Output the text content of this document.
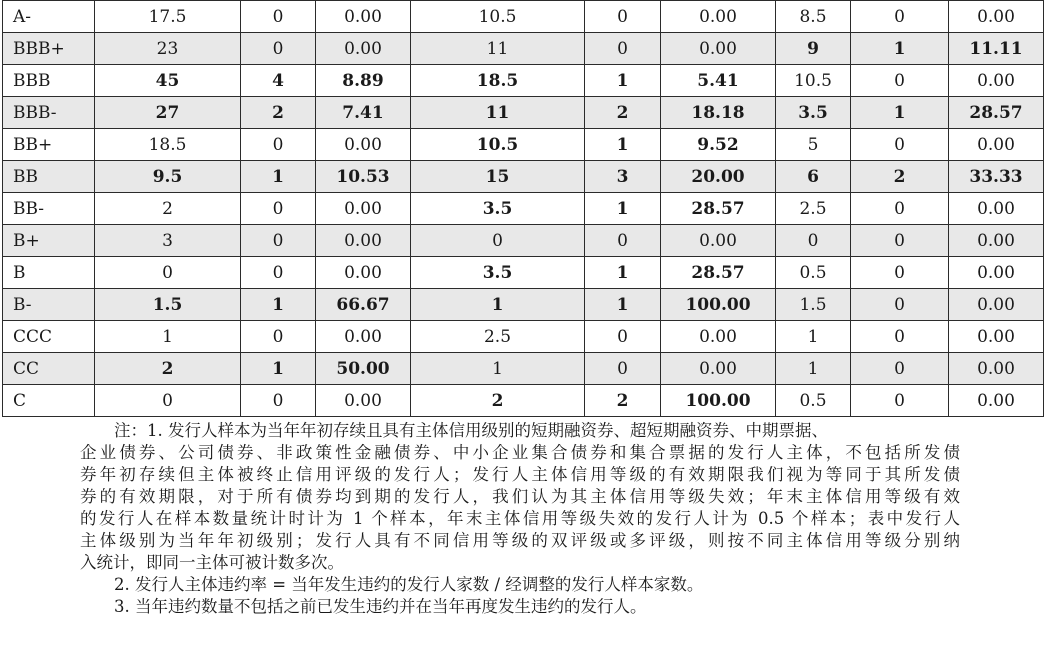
A-	17.5	0	0.00	10.5	0	0.00	8.5	0	0.00
BBB+	23	0	0.00	11	0	0.00	9	1	11.11
BBB	45	4	8.89	18.5	1	5.41	10.5	0	0.00
BBB-	27	2	7.41	11	2	18.18	3.5	1	28.57
BB+	18.5	0	0.00	10.5	1	9.52	5	0	0.00
BB	9.5	1	10.53	15	3	20.00	6	2	33.33
BB-	2	0	0.00	3.5	1	28.57	2.5	0	0.00
B+	3	0	0.00	0	0	0.00	0	0	0.00
B	0	0	0.00	3.5	1	28.57	0.5	0	0.00
B-	1.5	1	66.67	1	1	100.00	1.5	0	0.00
CCC	1	0	0.00	2.5	0	0.00	1	0	0.00
CC	2	1	50.00	1	0	0.00	1	0	0.00
C	0	0	0.00	2	2	100.00	0.5	0	0.00
注：1. 发行人样本为当年年初存续且具有主体信用级别的短期融资券、超短期融资券、中期票据、
企业债券、公司债券、非政策性金融债券、中小企业集合债券和集合票据的发行人主体，不包括所发债
券年初存续但主体被终止信用评级的发行人；发行人主体信用等级的有效期限我们视为等同于其所发债
券的有效期限，对于所有债券均到期的发行人，我们认为其主体信用等级失效；年末主体信用等级有效
的发行人在样本数量统计时计为 1 个样本，年末主体信用等级失效的发行人计为 0.5 个样本；表中发行人
主体级别为当年年初级别；发行人具有不同信用等级的双评级或多评级，则按不同主体信用等级分别纳
入统计，即同一主体可被计数多次。
2. 发行人主体违约率 = 当年发生违约的发行人家数 / 经调整的发行人样本家数。
3. 当年违约数量不包括之前已发生违约并在当年再度发生违约的发行人。
